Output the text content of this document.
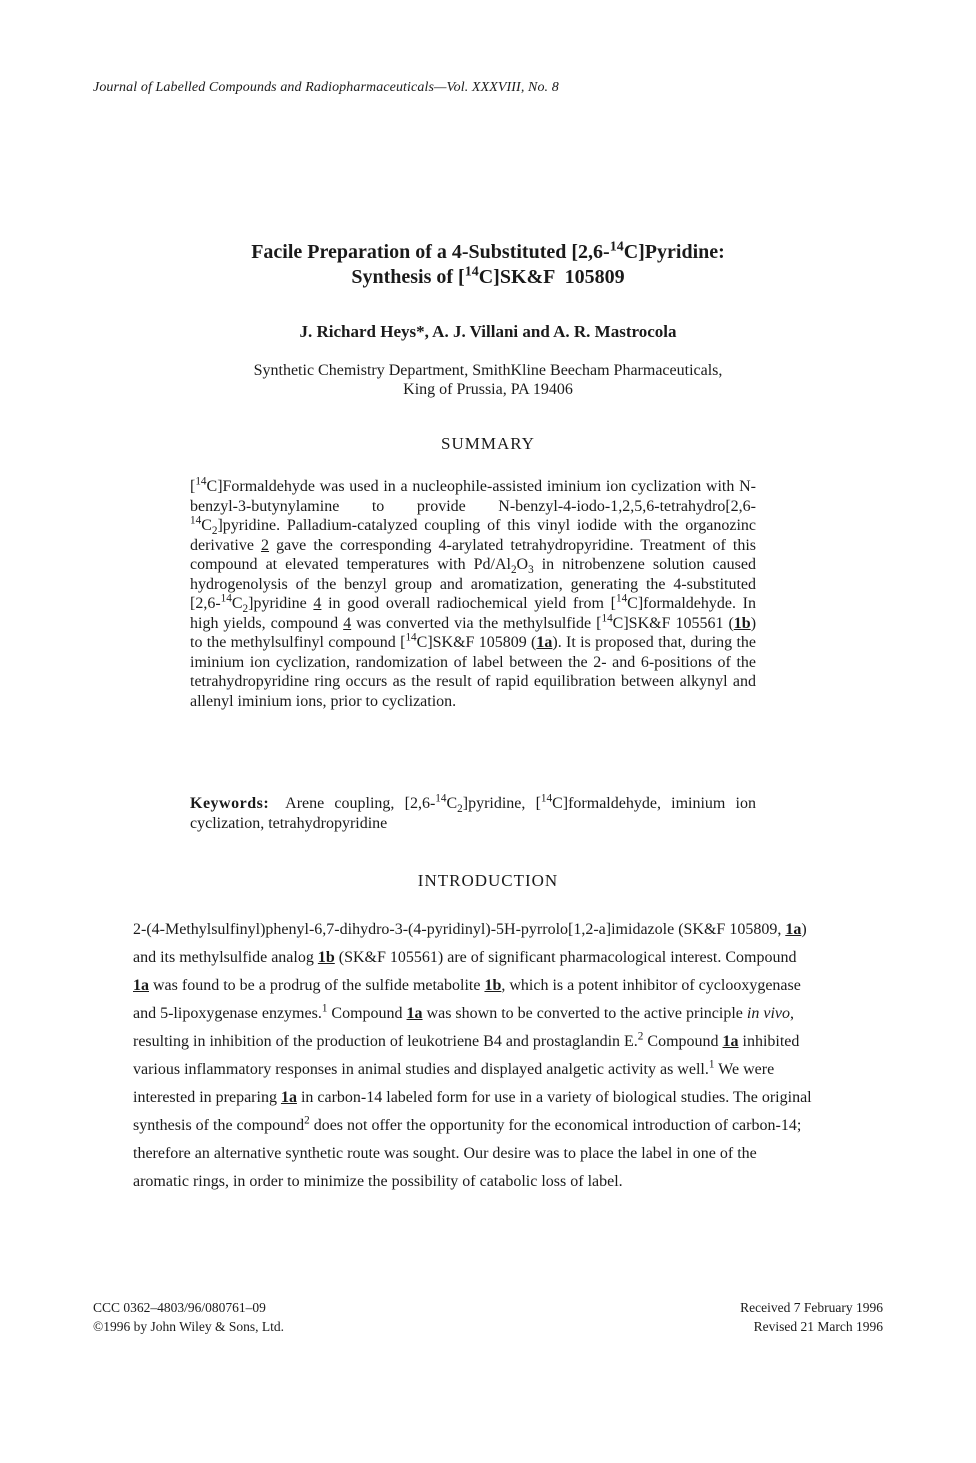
Journal of Labelled Compounds and Radiopharmaceuticals—Vol. XXXVIII, No. 8
Facile Preparation of a 4-Substituted [2,6-$^{14}$C]Pyridine:
Synthesis of [$^{14}$C]SK&F  105809
J. Richard Heys*, A. J. Villani and A. R. Mastrocola
Synthetic Chemistry Department, SmithKline Beecham Pharmaceuticals,
King of Prussia, PA 19406
SUMMARY
[$^{14}$C]Formaldehyde was used in a nucleophile-assisted iminium ion cyclization with N-benzyl-3-butynylamine to provide $N-benzyl-4-iodo-1,2,5,6-tetrahydro[2,6-^{14}C_2]pyridine$. Palladium-catalyzed coupling of this vinyl iodide with the organozinc derivative 2 gave the corresponding 4-arylated tetrahydropyridine. Treatment of this compound at elevated temperatures with $Pd/Al_2O_3$ in nitrobenzene solution caused hydrogenolysis of the benzyl group and aromatization, generating the 4-substituted $[2,6-^{14}C_2]pyridine$ 4 in good overall radiochemical yield from [$^{14}$C]formaldehyde. In high yields, compound 4 was converted via the methylsulfide [$^{14}$C]SK&F 105561 (1b) to the methylsulfinyl compound [$^{14}$C]SK&F 105809 (1a). It is proposed that, during the iminium ion cyclization, randomization of label between the 2- and 6-positions of the tetrahydropyridine ring occurs as the result of rapid equilibration between alkynyl and allenyl iminium ions, prior to cyclization.
Keywords: Arene coupling, $[2,6-^{14}C_2]pyridine$, [$^{14}$C]formaldehyde, iminium ion cyclization, tetrahydropyridine
INTRODUCTION

2-(4-Methylsulfinyl)phenyl-6,7-dihydro-3-(4-pyridinyl)-5H-pyrrolo[1,2-a]imidazole (SK&F 105809, 1a) and its methylsulfide analog 1b (SK&F 105561) are of significant pharmacological interest. Compound 1a was found to be a prodrug of the sulfide metabolite 1b, which is a potent inhibitor of cyclooxygenase and 5-lipoxygenase enzymes.$^1$ Compound 1a was shown to be converted to the active principle in vivo, resulting in inhibition of the production of leukotriene B4 and prostaglandin E.$^2$ Compound 1a inhibited various inflammatory responses in animal studies and displayed analgetic activity as well.$^1$ We were interested in preparing 1a in carbon-14 labeled form for use in a variety of biological studies. The original synthesis of the compound$^2$ does not offer the opportunity for the economical introduction of carbon-14; therefore an alternative synthetic route was sought. Our desire was to place the label in one of the aromatic rings, in order to minimize the possibility of catabolic loss of label.

CCC 0362–4803/96/080761–09
©1996 by John Wiley & Sons, Ltd.
Received 7 February 1996
Revised 21 March 1996
